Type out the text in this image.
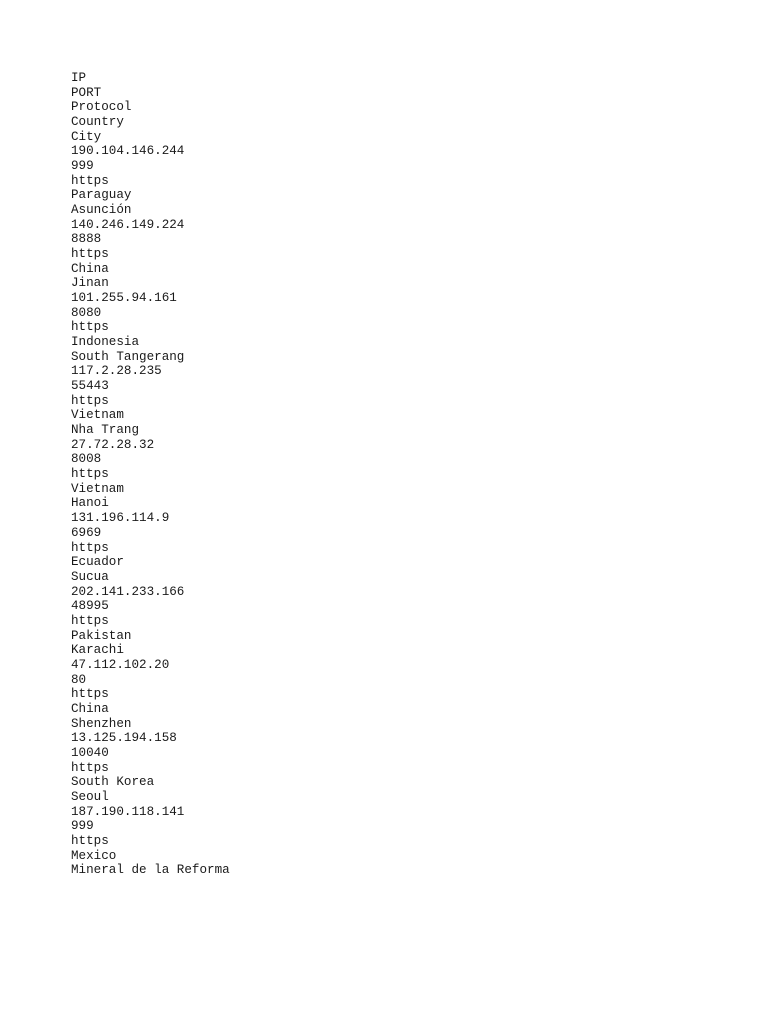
IP
PORT
Protocol
Country
City
190.104.146.244
999
https
Paraguay
Asunción
140.246.149.224
8888
https
China
Jinan
101.255.94.161
8080
https
Indonesia
South Tangerang
117.2.28.235
55443
https
Vietnam
Nha Trang
27.72.28.32
8008
https
Vietnam
Hanoi
131.196.114.9
6969
https
Ecuador
Sucua
202.141.233.166
48995
https
Pakistan
Karachi
47.112.102.20
80
https
China
Shenzhen
13.125.194.158
10040
https
South Korea
Seoul
187.190.118.141
999
https
Mexico
Mineral de la Reforma
